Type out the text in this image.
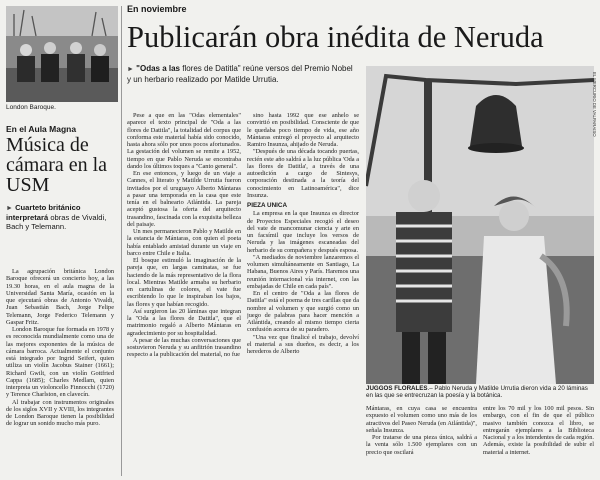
London Baroque.
En el Aula Magna
Música de cámara en la USM
► Cuarteto británico interpretará obras de Vivaldi, Bach y Telemann.

La agrupación británica London Baroque ofrecerá un concierto hoy, a las 19.30 horas, en el aula magna de la Universidad Santa María, ocasión en la que ejecutará obras de Antonio Vivaldi, Juan Sebastián Bach, Jorge Felipe Telemann, Jorge Federico Telemann y Gaspar Fritz.

London Baroque fue formada en 1978 y es reconocida mundialmente como una de las mejores exponentes de la música de cámara barroca. Actualmente el conjunto está integrado por Ingrid Seifert, quien utiliza un violín Jacobus Stainer (1661); Richard Gwilt, con un violín Gottfried Cappa (1685); Charles Medlam, quien interpreta un violoncello Finnocchi (1720) y Terence Charlston, en clavecín.

Al trabajar con instrumentos originales de los siglos XVII y XVIII, los integrantes de London Baroque tienen la posibilidad de lograr un sonido mucho más puro.

En noviembre
Publicarán obra inédita de Neruda
► "Odas a las flores de Datitla" reúne versos del Premio Nobel y un herbario realizado por Matilde Urrutia.

Pese a que en las "Odas elementales" aparece el texto principal de "Oda a las flores de Datitla", la totalidad del corpus que conforma este material había sido conocido, hasta ahora sólo por unos pocos afortunados. La gestación del volumen se remite a 1952, tiempo en que Pablo Neruda se encontraba dando los últimos toques a "Canto general".

En ese entonces, y luego de un viaje a Cannes, el literato y Matilde Urrutia fueron invitados por el uruguayo Alberto Mántaras a pasar una temporada en la casa que este tenía en el balneario Atlántida. La pareja aceptó gustosa la oferta del arquitecto trasandino, fascinada con la exquisita belleza del paisaje.

Un mes permanecieron Pablo y Matilde en la estancia de Mántaras, con quien el poeta había entablado amistad durante un viaje en barco entre Chile e Italia.

El bosque estimuló la imaginación de la pareja que, en largas caminatas, se fue haciendo de la más representativo de la flora local. Mientras Matilde armaba su herbario en cartulinas de colores, el vate fue escribiendo lo que le inspiraban los bajos, las flores y que habían recogido.

Así surgieron las 20 láminas que integran la "Oda a las flores de Datitla", que el matrimonio regaló a Alberto Mántaras en agradecimiento por su hospitalidad.

A pesar de las muchas conversaciones que sostuvieron Neruda y su anfitrión trasandino respecto a la publicación del material, no fue

sino hasta 1992 que ese anhelo se convirtió en posibilidad. Consciente de que le quedaba poco tiempo de vida, ese año Mántaras entregó el proyecto al arquitecto Ramiro Insunza, ahijado de Neruda.

"Después de una década tocando puertas, recién este año saldrá a la luz pública 'Oda a las flores de Datitla', a través de una autoedición a cargo de Sintesys, corporación destinada a la teoría del conocimiento en Latinoamérica", dice Insunza.

PIEZA UNICA

La empresa en la que Insunza es director de Proyectos Especiales recogió el deseo del vate de mancomunar ciencia y arte en un facsímil que incluye los versos de Neruda y las imágenes escaneadas del herbario de su compañera y después esposa.

"A mediados de noviembre lanzaremos el volumen simultáneamente en Santiago, La Habana, Buenos Aires y París. Haremos una reunión internacional vía internet, con las embajadas de Chile en cada país".

En el centro de "Oda a las flores de Datitla" está el poema de tres carillas que da nombre al volumen y que surgió como un juego de palabras para hacer mención a Atlántida, creando al mismo tiempo cierta confusión acerca de su paradero.

"Una vez que finalicé el trabajo, devolví el material a sus dueños, es decir, a los herederos de Alberto

EL MERCURIO DE VALPARAISO
JUGGOS FLORALES.– Pablo Neruda y Matilde Urrutia dieron vida a 20 láminas en las que se entrecruzan la poesía y la botánica.

Mántaras, en cuya casa se encuentra expuesto el volumen como uno más de los atractivos del Paseo Neruda (en Atlántida)", señala Insunza.

Por tratarse de una pieza única, saldrá a la venta sólo 1.500 ejemplares con un precio que oscilará

entre los 70 mil y los 100 mil pesos. Sin embargo, con el fin de que el público masivo también conozca el libro, se entregarán ejemplares a la Biblioteca Nacional y a los intendentes de cada región. Además, existe la posibilidad de subir el material a internet.
